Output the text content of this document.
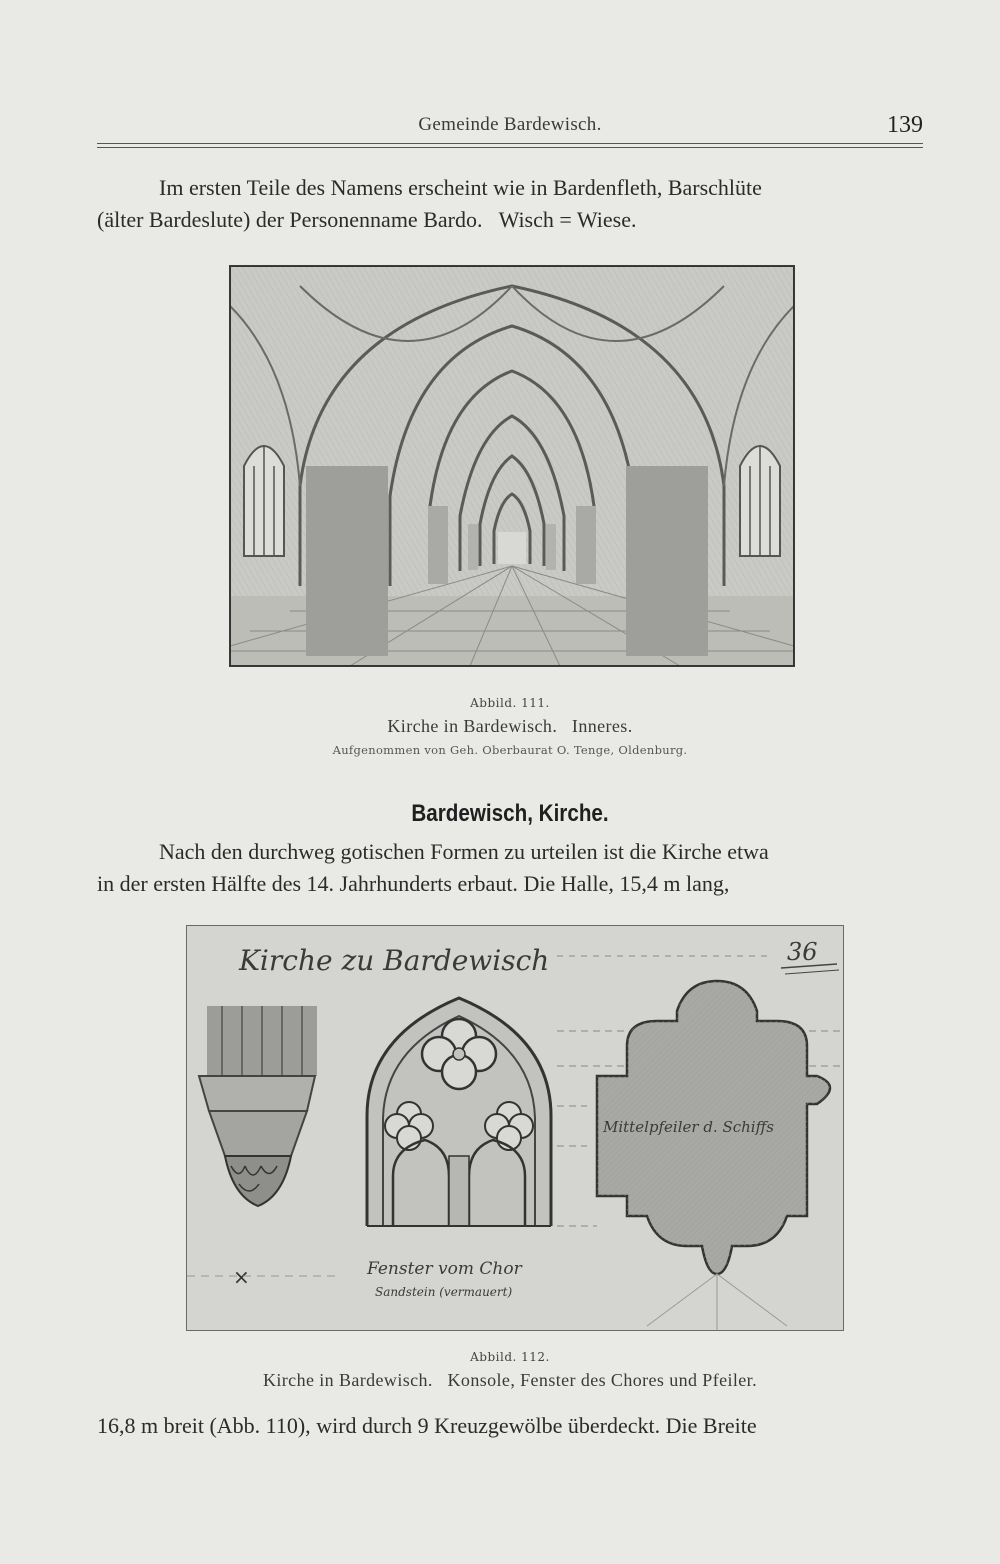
Gemeinde Bardewisch.	139
Im ersten Teile des Namens erscheint wie in Bardenfleth, Barschlüte
(älter Bardeslute) der Personenname Bardo.   Wisch = Wiese.
Abbild. 111.
Kirche in Bardewisch.   Inneres.
Aufgenommen von Geh. Oberbaurat O. Tenge, Oldenburg.
Bardewisch, Kirche.
Nach den durchweg gotischen Formen zu urteilen ist die Kirche etwa
in der ersten Hälfte des 14. Jahrhunderts erbaut. Die Halle, 15,4 m lang,
Kirche zu Bardewisch	36
×	Fenster vom Chor
Sandstein (vermauert)
Mittelpfeiler d. Schiffs
Abbild. 112.
Kirche in Bardewisch.   Konsole, Fenster des Chores und Pfeiler.
16,8 m breit (Abb. 110), wird durch 9 Kreuzgewölbe überdeckt. Die Breite
